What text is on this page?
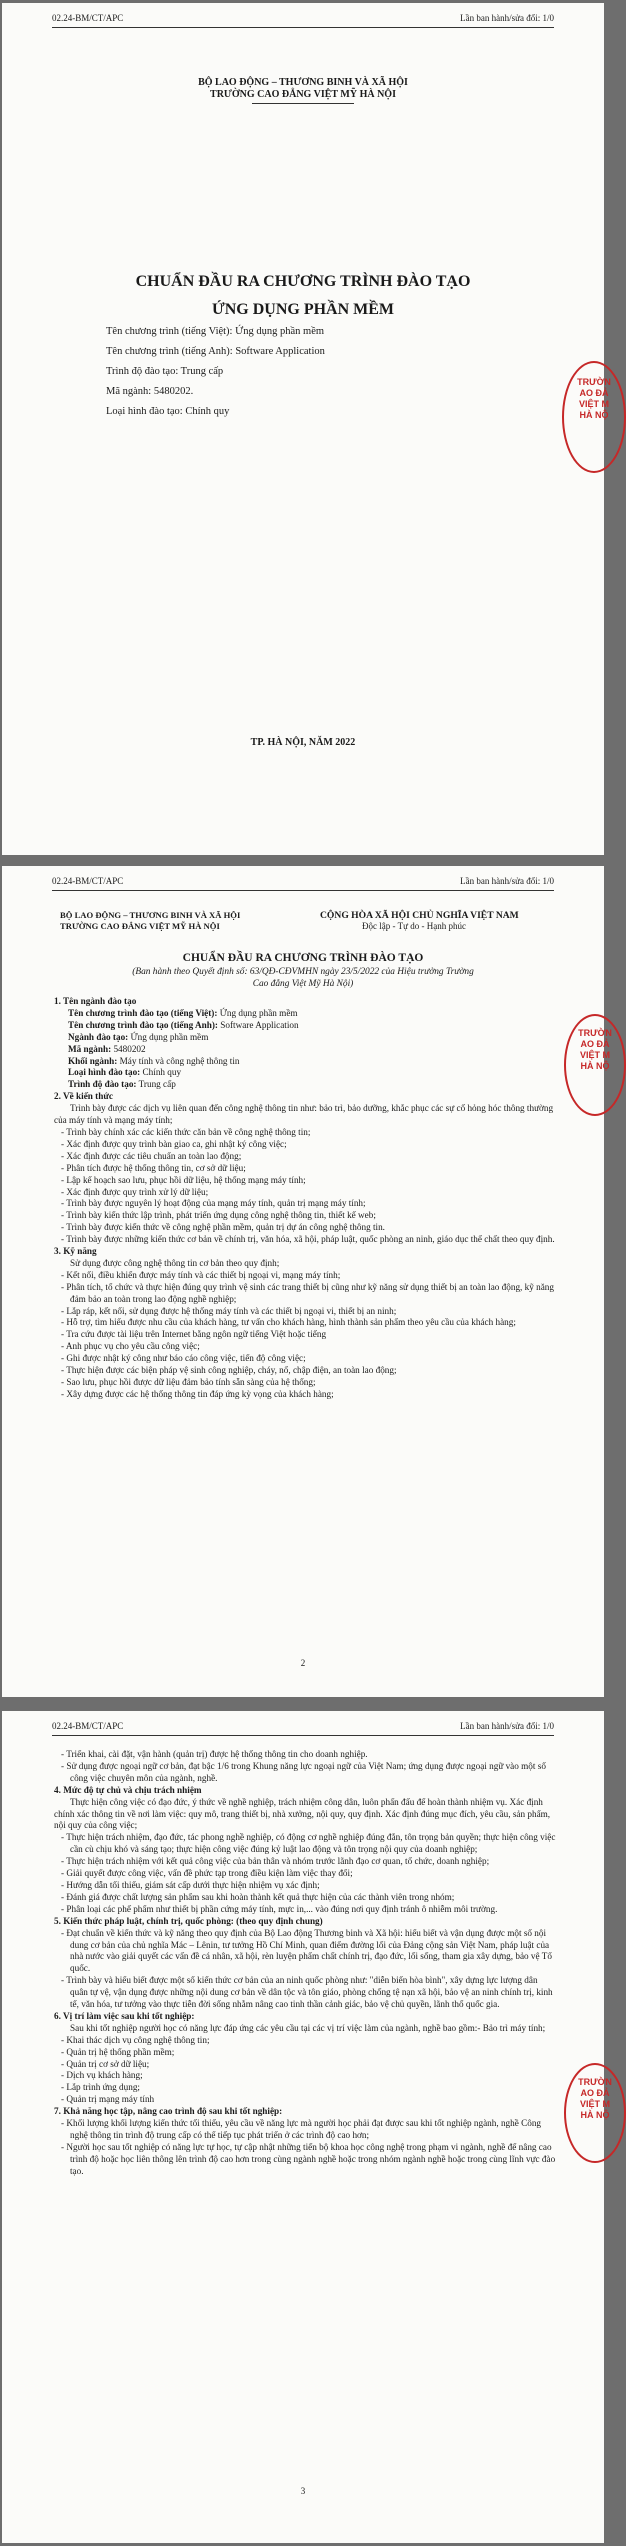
02.24-BM/CT/APC	Lần ban hành/sửa đổi: 1/0
BỘ LAO ĐỘNG – THƯƠNG BINH VÀ XÃ HỘI
TRƯỜNG CAO ĐẲNG VIỆT MỸ HÀ NỘI
CHUẨN ĐẦU RA CHƯƠNG TRÌNH ĐÀO TẠO
ỨNG DỤNG PHẦN MỀM
Tên chương trình (tiếng Việt): Ứng dụng phần mềm
Tên chương trình (tiếng Anh): Software Application
Trình độ đào tạo: Trung cấp
Mã ngành: 5480202.
Loại hình đào tạo: Chính quy
TRƯỜN
AO ĐẢ
VIỆT M
HÀ NỘ
TP. HÀ NỘI, NĂM 2022
02.24-BM/CT/APC	Lần ban hành/sửa đổi: 1/0
BỘ LAO ĐỘNG – THƯƠNG BINH VÀ XÃ HỘI
TRƯỜNG CAO ĐẲNG VIỆT MỸ HÀ NỘI
CỘNG HÒA XÃ HỘI CHỦ NGHĨA VIỆT NAM
Độc lập - Tự do - Hạnh phúc
CHUẨN ĐẦU RA CHƯƠNG TRÌNH ĐÀO TẠO
(Ban hành theo Quyết định số: 63/QĐ-CĐVMHN ngày 23/5/2022 của Hiệu trưởng Trường
Cao đẳng Việt Mỹ Hà Nội)

1. Tên ngành đào tạo

Tên chương trình đào tạo (tiếng Việt): Ứng dụng phần mềm

Tên chương trình đào tạo (tiếng Anh): Software Application

Ngành đào tạo: Ứng dụng phần mềm

Mã ngành: 5480202

Khối ngành: Máy tính và công nghệ thông tin

Loại hình đào tạo: Chính quy

Trình độ đào tạo: Trung cấp

2. Về kiến thức

Trình bày được các dịch vụ liên quan đến công nghệ thông tin như: bảo trì, bảo dưỡng, khắc phục các sự cố hỏng hóc thông thường của máy tính và mạng máy tính;

- Trình bày chính xác các kiến thức căn bản về công nghệ thông tin;

- Xác định được quy trình bàn giao ca, ghi nhật ký công việc;

- Xác định được các tiêu chuẩn an toàn lao động;

- Phân tích được hệ thống thông tin, cơ sở dữ liệu;

- Lập kế hoạch sao lưu, phục hồi dữ liệu, hệ thống mạng máy tính;

- Xác định được quy trình xử lý dữ liệu;

- Trình bày được nguyên lý hoạt động của mạng máy tính, quản trị mạng máy tính;

- Trình bày kiến thức lập trình, phát triển ứng dụng công nghệ thông tin, thiết kế web;

- Trình bày được kiến thức về công nghệ phần mềm, quản trị dự án công nghệ thông tin.

- Trình bày được những kiến thức cơ bản về chính trị, văn hóa, xã hội, pháp luật, quốc phòng an ninh, giáo dục thể chất theo quy định.

3. Kỹ năng

Sử dụng được công nghệ thông tin cơ bản theo quy định;

- Kết nối, điều khiển được máy tính và các thiết bị ngoại vi, mạng máy tính;

- Phân tích, tổ chức và thực hiện đúng quy trình vệ sinh các trang thiết bị cũng như kỹ năng sử dụng thiết bị an toàn lao động, kỹ năng đảm bảo an toàn trong lao động nghề nghiệp;

- Lắp ráp, kết nối, sử dụng được hệ thống máy tính và các thiết bị ngoại vi, thiết bị an ninh;

- Hỗ trợ, tìm hiểu được nhu cầu của khách hàng, tư vấn cho khách hàng, hình thành sản phẩm theo yêu cầu của khách hàng;

- Tra cứu được tài liệu trên Internet bằng ngôn ngữ tiếng Việt hoặc tiếng

- Anh phục vụ cho yêu cầu công việc;

- Ghi được nhật ký công như báo cáo công việc, tiến độ công việc;

- Thực hiện được các biện pháp vệ sinh công nghiệp, cháy, nổ, chập điện, an toàn lao động;

- Sao lưu, phục hồi được dữ liệu đảm bảo tính sẵn sàng của hệ thống;

- Xây dựng được các hệ thống thông tin đáp ứng kỳ vọng của khách hàng;

TRƯỜN
AO ĐẢ
VIỆT M
HÀ NỘ
2
02.24-BM/CT/APC	Lần ban hành/sửa đổi: 1/0

- Triển khai, cài đặt, vận hành (quản trị) được hệ thống thông tin cho doanh nghiệp.

- Sử dụng được ngoại ngữ cơ bản, đạt bậc 1/6 trong Khung năng lực ngoại ngữ của Việt Nam; ứng dụng được ngoại ngữ vào một số công việc chuyên môn của ngành, nghề.

4. Mức độ tự chủ và chịu trách nhiệm

Thực hiện công việc có đạo đức, ý thức về nghề nghiệp, trách nhiệm công dân, luôn phấn đấu để hoàn thành nhiệm vụ. Xác định chính xác thông tin về nơi làm việc: quy mô, trang thiết bị, nhà xưởng, nội quy, quy định. Xác định đúng mục đích, yêu cầu, sản phẩm, nội quy của công việc;

- Thực hiện trách nhiệm, đạo đức, tác phong nghề nghiệp, có động cơ nghề nghiệp đúng đắn, tôn trọng bản quyền; thực hiện công việc cần cù chịu khó và sáng tạo; thực hiện công việc đúng kỷ luật lao động và tôn trọng nội quy của doanh nghiệp;

- Thực hiện trách nhiệm với kết quả công việc của bản thân và nhóm trước lãnh đạo cơ quan, tổ chức, doanh nghiệp;

- Giải quyết được công việc, vấn đề phức tạp trong điều kiện làm việc thay đổi;

- Hướng dẫn tối thiểu, giám sát cấp dưới thực hiện nhiệm vụ xác định;

- Đánh giá được chất lượng sản phẩm sau khi hoàn thành kết quả thực hiện của các thành viên trong nhóm;

- Phân loại các phế phẩm như thiết bị phần cứng máy tính, mực in,... vào đúng nơi quy định tránh ô nhiễm môi trường.

5. Kiến thức pháp luật, chính trị, quốc phòng: (theo quy định chung)

- Đạt chuẩn về kiến thức và kỹ năng theo quy định của Bộ Lao động Thương binh và Xã hội: hiểu biết và vận dụng được một số nội dung cơ bản của chủ nghĩa Mác – Lênin, tư tưởng Hồ Chí Minh, quan điểm đường lối của Đảng cộng sản Việt Nam, pháp luật của nhà nước vào giải quyết các vấn đề cá nhân, xã hội, rèn luyện phẩm chất chính trị, đạo đức, lối sống, tham gia xây dựng, bảo vệ Tổ quốc.

- Trình bày và hiểu biết được một số kiến thức cơ bản của an ninh quốc phòng như: "diễn biến hòa bình", xây dựng lực lượng dân quân tự vệ, vận dụng được những nội dung cơ bản về dân tộc và tôn giáo, phòng chống tệ nạn xã hội, bảo vệ an ninh chính trị, kinh tế, văn hóa, tư tưởng vào thực tiễn đời sống nhằm nâng cao tinh thần cảnh giác, bảo vệ chủ quyền, lãnh thổ quốc gia.

6. Vị trí làm việc sau khi tốt nghiệp:

Sau khi tốt nghiệp người học có năng lực đáp ứng các yêu cầu tại các vị trí việc làm của ngành, nghề bao gồm:- Bảo trì máy tính;

- Khai thác dịch vụ công nghệ thông tin;

- Quản trị hệ thống phần mềm;

- Quản trị cơ sở dữ liệu;

- Dịch vụ khách hàng;

- Lắp trình ứng dụng;

- Quản trị mạng máy tính

7. Khả năng học tập, nâng cao trình độ sau khi tốt nghiệp:

- Khối lượng khối lượng kiến thức tối thiểu, yêu cầu về năng lực mà người học phải đạt được sau khi tốt nghiệp ngành, nghề Công nghệ thông tin trình độ trung cấp có thể tiếp tục phát triển ở các trình độ cao hơn;

- Người học sau tốt nghiệp có năng lực tự học, tự cập nhật những tiến bộ khoa học công nghệ trong phạm vi ngành, nghề để nâng cao trình độ hoặc học liên thông lên trình độ cao hơn trong cùng ngành nghề hoặc trong nhóm ngành nghề hoặc trong cùng lĩnh vực đào tạo.

TRƯỜN
AO ĐẢ
VIỆT M
HÀ NỘ
3
